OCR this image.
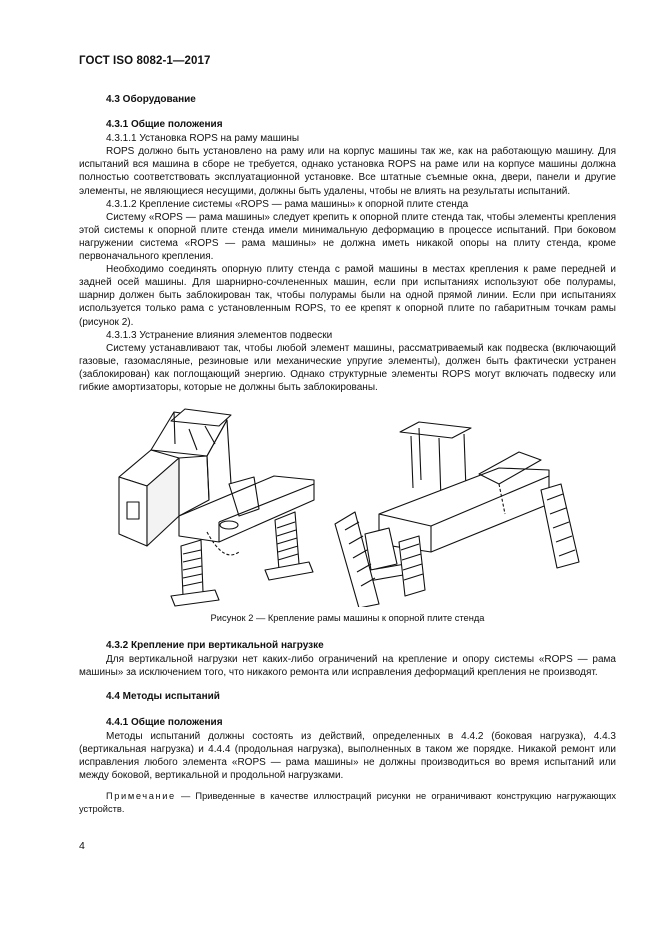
ГОСТ ISO 8082-1—2017

4.3 Оборудование

4.3.1 Общие положения

4.3.1.1 Установка ROPS на раму машины

ROPS должно быть установлено на раму или на корпус машины так же, как на работающую машину. Для испытаний вся машина в сборе не требуется, однако установка ROPS на раме или на корпусе машины должна полностью соответствовать эксплуатационной установке. Все штатные съемные окна, двери, панели и другие элементы, не являющиеся несущими, должны быть удалены, чтобы не влиять на результаты испытаний.

4.3.1.2 Крепление системы «ROPS — рама машины» к опорной плите стенда

Систему «ROPS — рама машины» следует крепить к опорной плите стенда так, чтобы элементы крепления этой системы к опорной плите стенда имели минимальную деформацию в процессе испытаний. При боковом нагружении система «ROPS — рама машины» не должна иметь никакой опоры на плиту стенда, кроме первоначального крепления.

Необходимо соединять опорную плиту стенда с рамой машины в местах крепления к раме передней и задней осей машины. Для шарнирно-сочлененных машин, если при испытаниях используют обе полурамы, шарнир должен быть заблокирован так, чтобы полурамы были на одной прямой линии. Если при испытаниях используется только рама с установленным ROPS, то ее крепят к опорной плите по габаритным точкам рамы (рисунок 2).

4.3.1.3 Устранение влияния элементов подвески

Систему устанавливают так, чтобы любой элемент машины, рассматриваемый как подвеска (включающий газовые, газомасляные, резиновые или механические упругие элементы), должен быть фактически устранен (заблокирован) как поглощающий энергию. Однако структурные элементы ROPS могут включать подвеску или гибкие амортизаторы, которые не должны быть заблокированы.

Рисунок 2 — Крепление рамы машины к опорной плите стенда

4.3.2 Крепление при вертикальной нагрузке

Для вертикальной нагрузки нет каких-либо ограничений на крепление и опору системы «ROPS — рама машины» за исключением того, что никакого ремонта или исправления деформаций крепления не производят.

4.4 Методы испытаний

4.4.1 Общие положения

Методы испытаний должны состоять из действий, определенных в 4.4.2 (боковая нагрузка), 4.4.3 (вертикальная нагрузка) и 4.4.4 (продольная нагрузка), выполненных в таком же порядке. Никакой ремонт или исправления любого элемента «ROPS — рама машины» не должны производиться во время испытаний или между боковой, вертикальной и продольной нагрузками.

Примечание — Приведенные в качестве иллюстраций рисунки не ограничивают конструкцию нагружающих устройств.

4
